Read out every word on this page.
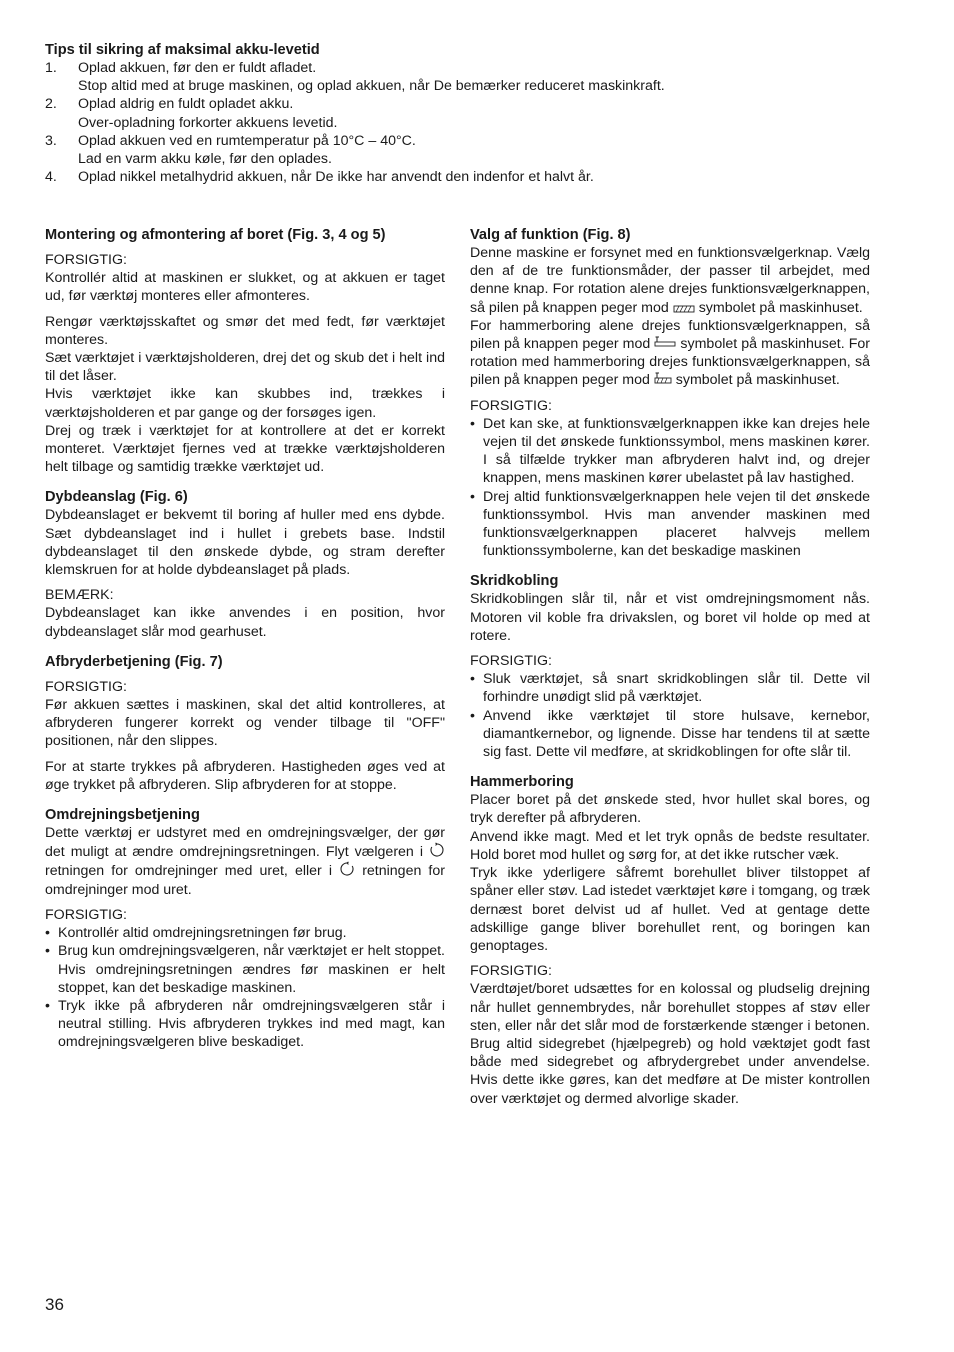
Tips til sikring af maksimal akku-levetid
1.	Oplad akkuen, før den er fuldt afladet.
Stop altid med at bruge maskinen, og oplad akkuen, når De bemærker reduceret maskinkraft.
2.	Oplad aldrig en fuldt opladet akku.
Over-opladning forkorter akkuens levetid.
3.	Oplad akkuen ved en rumtemperatur på 10°C – 40°C.
Lad en varm akku køle, før den oplades.
4.	Oplad nikkel metalhydrid akkuen, når De ikke har anvendt den indenfor et halvt år.
Montering og afmontering af boret (Fig. 3, 4 og 5)

FORSIGTIG:

Kontrollér altid at maskinen er slukket, og at akkuen er taget ud, før værktøj monteres eller afmonteres.

Rengør værktøjsskaftet og smør det med fedt, før værktøjet monteres.

Sæt værktøjet i værktøjsholderen, drej det og skub det i helt ind til det låser.

Hvis værktøjet ikke kan skubbes ind, trækkes i værktøjsholderen et par gange og der forsøges igen.

Drej og træk i værktøjet for at kontrollere at det er korrekt monteret. Værktøjet fjernes ved at trække værktøjsholderen helt tilbage og samtidig trække værktøjet ud.

Dybdeanslag (Fig. 6)

Dybdeanslaget er bekvemt til boring af huller med ens dybde. Sæt dybdeanslaget ind i hullet i grebets base. Indstil dybdeanslaget til den ønskede dybde, og stram derefter klemskruen for at holde dybdeanslaget på plads.

BEMÆRK:

Dybdeanslaget kan ikke anvendes i en position, hvor dybdeanslaget slår mod gearhuset.

Afbryderbetjening (Fig. 7)

FORSIGTIG:

Før akkuen sættes i maskinen, skal det altid kontrolleres, at afbryderen fungerer korrekt og vender tilbage til "OFF" positionen, når den slippes.

For at starte trykkes på afbryderen. Hastigheden øges ved at øge trykket på afbryderen. Slip afbryderen for at stoppe.

Omdrejningsbetjening

Dette værktøj er udstyret med en omdrejningsvælger, der gør det muligt at ændre omdrejningsretningen. Flyt vælgeren i  retningen for omdrejninger med uret, eller i retningen for omdrejninger mod uret.

FORSIGTIG:

• Kontrollér altid omdrejningsretningen før brug.
• Brug kun omdrejningsvælgeren, når værktøjet er helt stoppet. Hvis omdrejningsretningen ændres før maskinen er helt stoppet, kan det beskadige maskinen.
• Tryk ikke på afbryderen når omdrejningsvælgeren står i neutral stilling. Hvis afbryderen trykkes ind med magt, kan omdrejningsvælgeren blive beskadiget.
Valg af funktion (Fig. 8)

Denne maskine er forsynet med en funktionsvælgerknap. Vælg den af de tre funktionsmåder, der passer til arbejdet, med denne knap. For rotation alene drejes funktionsvælgerknappen, så pilen på knappen peger mod symbolet på maskinhuset.

For hammerboring alene drejes funktionsvælgerknappen, så pilen på knappen peger mod symbolet på maskinhuset. For rotation med hammerboring drejes funktionsvælgerknappen, så pilen på knappen peger mod symbolet på maskinhuset.

FORSIGTIG:

• Det kan ske, at funktionsvælgerknappen ikke kan drejes hele vejen til det ønskede funktionssymbol, mens maskinen kører. I så tilfælde trykker man afbryderen halvt ind, og drejer knappen, mens maskinen kører ubelastet på lav hastighed.
• Drej altid funktionsvælgerknappen hele vejen til det ønskede funktionssymbol. Hvis man anvender maskinen med funktionsvælgerknappen placeret halvvejs mellem funktionssymbolerne, kan det beskadige maskinen
Skridkobling

Skridkoblingen slår til, når et vist omdrejningsmoment nås. Motoren vil koble fra drivakslen, og boret vil holde op med at rotere.

FORSIGTIG:

• Sluk værktøjet, så snart skridkoblingen slår til. Dette vil forhindre unødigt slid på værktøjet.
• Anvend ikke værktøjet til store hulsave, kernebor, diamantkernebor, og lignende. Disse har tendens til at sætte sig fast. Dette vil medføre, at skridkoblingen for ofte slår til.
Hammerboring

Placer boret på det ønskede sted, hvor hullet skal bores, og tryk derefter på afbryderen.

Anvend ikke magt. Med et let tryk opnås de bedste resultater. Hold boret mod hullet og sørg for, at det ikke rutscher væk.

Tryk ikke yderligere såfremt borehullet bliver tilstoppet af spåner eller støv. Lad istedet værktøjet køre i tomgang, og træk dernæst boret delvist ud af hullet. Ved at gentage dette adskillige gange bliver borehullet rent, og boringen kan genoptages.

FORSIGTIG:

Værdtøjet/boret udsættes for en kolossal og pludselig drejning når hullet gennembrydes, når borehullet stoppes af støv eller sten, eller når det slår mod de forstærkende stænger i betonen. Brug altid sidegrebet (hjælpegreb) og hold væktøjet godt fast både med sidegrebet og afbrydergrebet under anvendelse. Hvis dette ikke gøres, kan det medføre at De mister kontrollen over værktøjet og dermed alvorlige skader.

36
